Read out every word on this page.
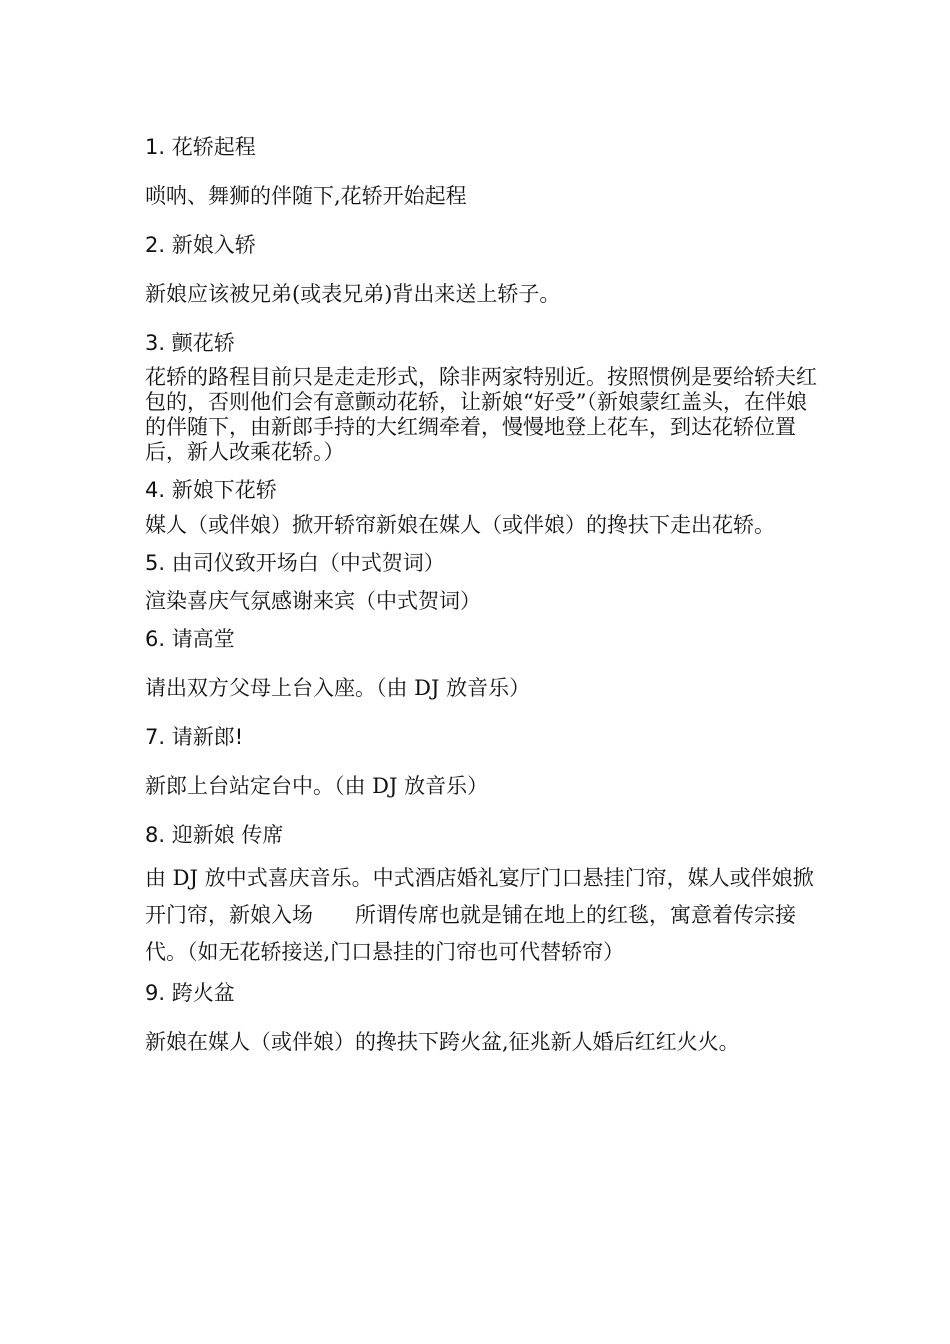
1. 花轿起程

唢呐、舞狮的伴随下,花轿开始起程

2. 新娘入轿

新娘应该被兄弟(或表兄弟)背出来送上轿子。

3. 颤花轿

花轿的路程目前只是走走形式，除非两家特别近。按照惯例是要给轿夫红包的，否则他们会有意颤动花轿，让新娘“好受”（新娘蒙红盖头，在伴娘的伴随下，由新郎手持的大红绸牵着，慢慢地登上花车，到达花轿位置后，新人改乘花轿。）

4. 新娘下花轿

媒人（或伴娘）掀开轿帘新娘在媒人（或伴娘）的搀扶下走出花轿。

5. 由司仪致开场白（中式贺词）

渲染喜庆气氛感谢来宾（中式贺词）

6. 请高堂

请出双方父母上台入座。（由 DJ 放音乐）

7. 请新郎!

新郎上台站定台中。（由 DJ 放音乐）

8. 迎新娘 传席

由 DJ 放中式喜庆音乐。中式酒店婚礼宴厅门口悬挂门帘，媒人或伴娘掀开门帘，新娘入场　　所谓传席也就是铺在地上的红毯，寓意着传宗接代。（如无花轿接送,门口悬挂的门帘也可代替轿帘）

9. 跨火盆

新娘在媒人（或伴娘）的搀扶下跨火盆,征兆新人婚后红红火火。
